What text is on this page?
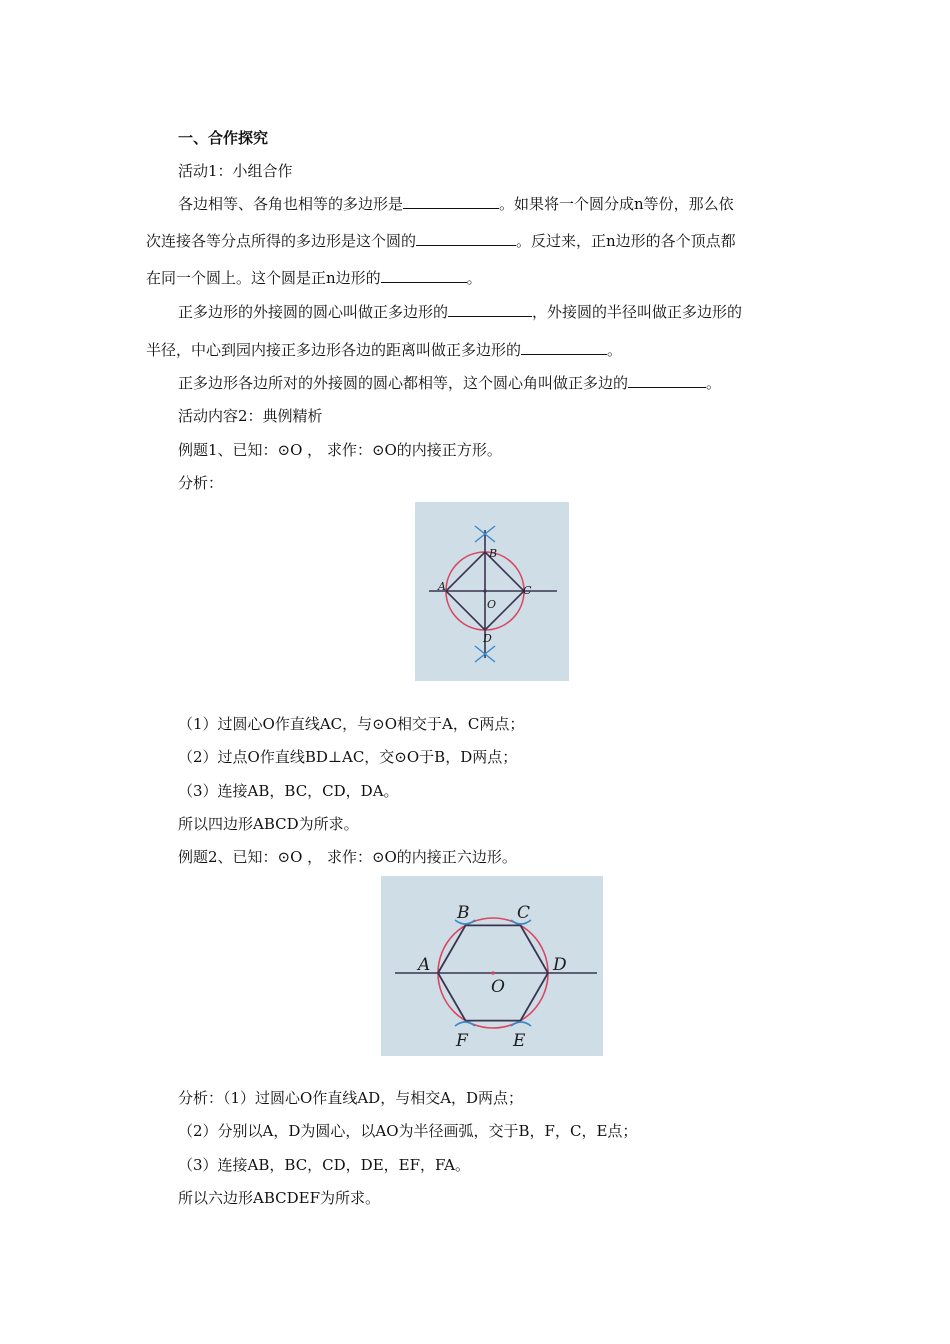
一、合作探究
活动1：小组合作
各边相等、各角也相等的多边形是	。如果将一个圆分成n等份，那么依
次连接各等分点所得的多边形是这个圆的	。反过来，正n边形的各个顶点都
在同一个圆上。这个圆是正n边形的	。
正多边形的外接圆的圆心叫做正多边形的	，外接圆的半径叫做正多边形的
半径，中心到园内接正多边形各边的距离叫做正多边形的	。
正多边形各边所对的外接圆的圆心都相等，这个圆心角叫做正多边的	。
活动内容2：典例精析
例题1、已知：⊙O ， 求作：⊙O的内接正方形。
分析：
B
A	C
O
D
（1）过圆心O作直线AC，与⊙O相交于A，C两点；
（2）过点O作直线BD⊥AC，交⊙O于B，D两点；
（3）连接AB，BC，CD，DA。
所以四边形ABCD为所求。
例题2、已知：⊙O ， 求作：⊙O的内接正六边形。
B	C
A	D
O
F	E
分析：（1）过圆心O作直线AD，与相交A，D两点；
（2）分别以A，D为圆心，以AO为半径画弧，交于B，F，C，E点；
（3）连接AB，BC，CD，DE，EF，FA。
所以六边形ABCDEF为所求。
